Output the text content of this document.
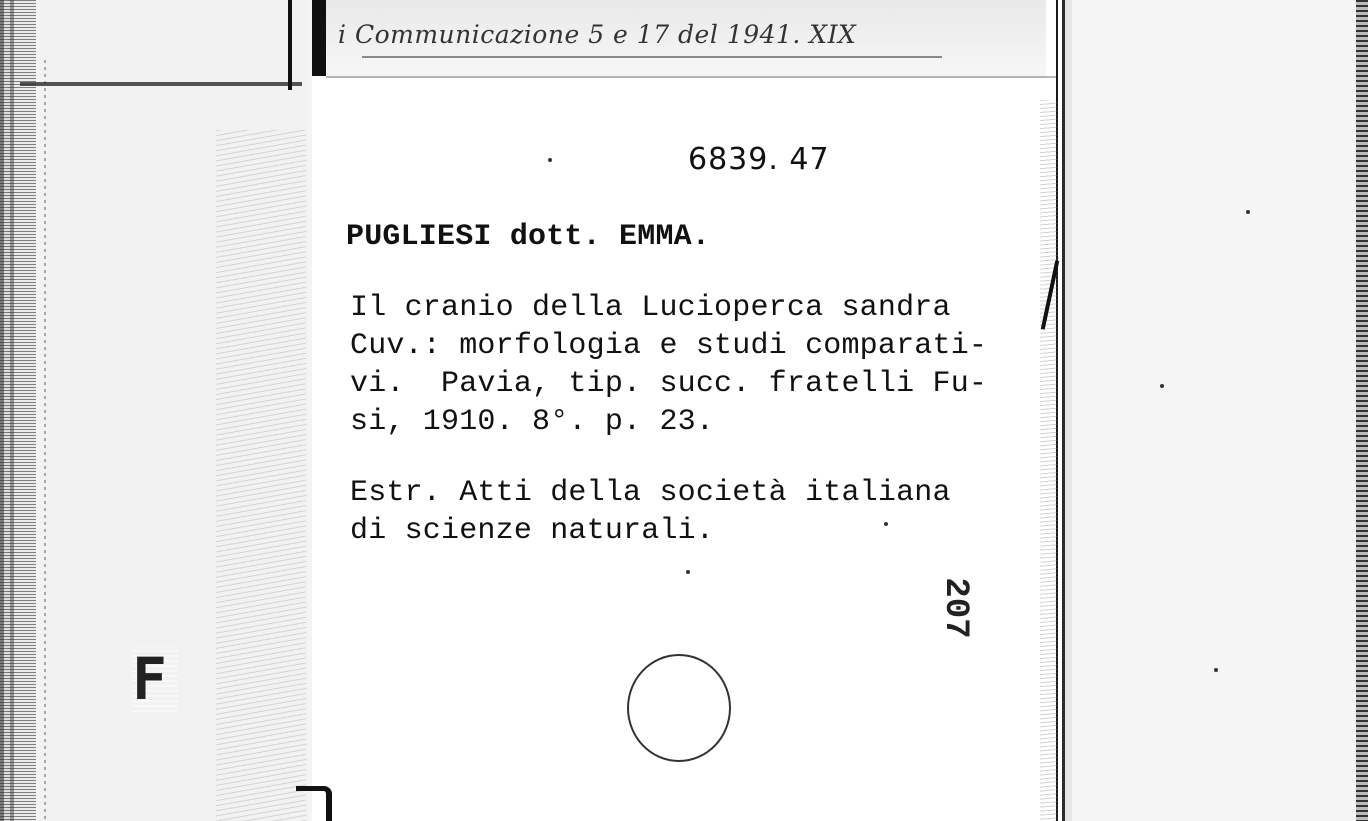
F
i Communicazione 5 e 17 del 1941. XIX
6839. 47
PUGLIESI dott. EMMA.
Il cranio della Lucioperca sandra
Cuv.: morfologia e studi comparati-
vi.  Pavia, tip. succ. fratelli Fu-
si, 1910. 8°. p. 23.
Estr. Atti della società italiana
di scienze naturali.
207
